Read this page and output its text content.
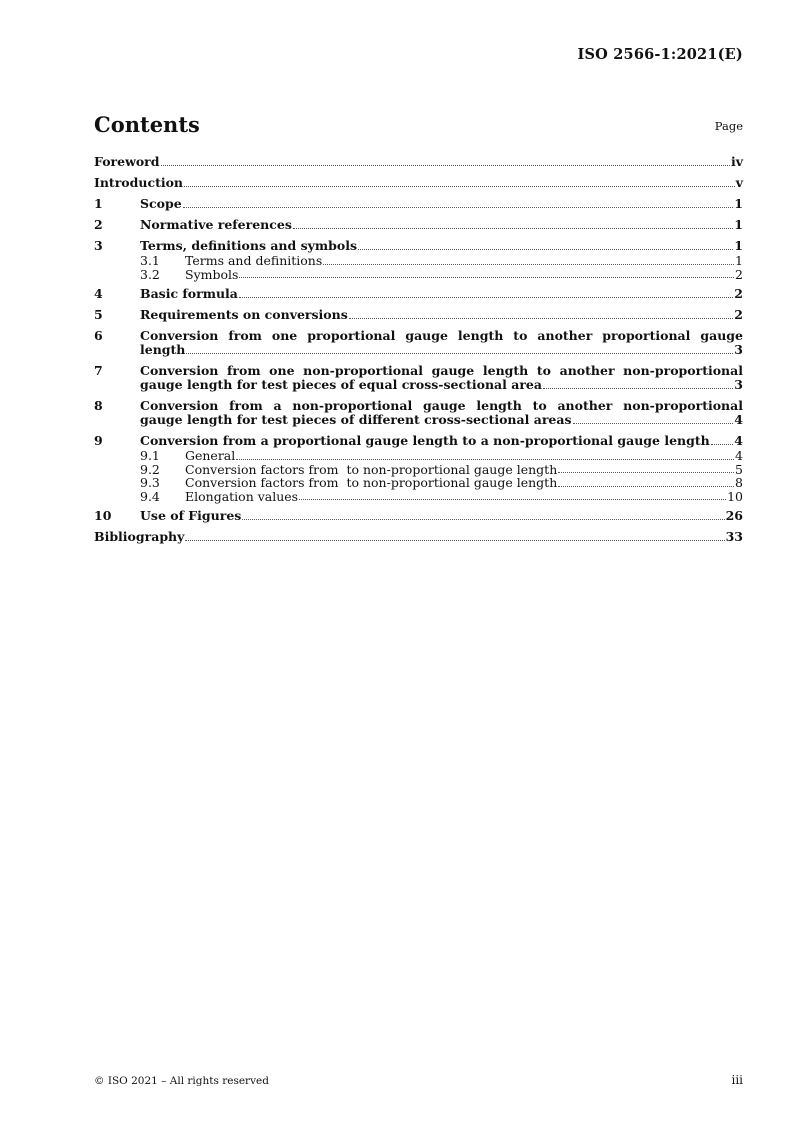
ISO 2566-1:2021(E)
Contents	Page
Foreword	iv
Introduction	v
1	Scope	1
2	Normative references	1
3	Terms, definitions and symbols	1
3.1	Terms and definitions	1
3.2	Symbols	2
4	Basic formula	2
5	Requirements on conversions	2
6	Conversion from one proportional gauge length to another proportional gauge
length	3
7	Conversion from one non-proportional gauge length to another non-proportional
gauge length for test pieces of equal cross-sectional area	3
8	Conversion from a non-proportional gauge length to another non-proportional
gauge length for test pieces of different cross-sectional areas	4
9	Conversion from a proportional gauge length to a non-proportional gauge length 4
9.1	General	4
9.2	Conversion factors from  to non-proportional gauge length	5
9.3	Conversion factors from  to non-proportional gauge length	8
9.4	Elongation values	10
10	Use of Figures	26
Bibliography	33
© ISO 2021 – All rights reserved	iii
